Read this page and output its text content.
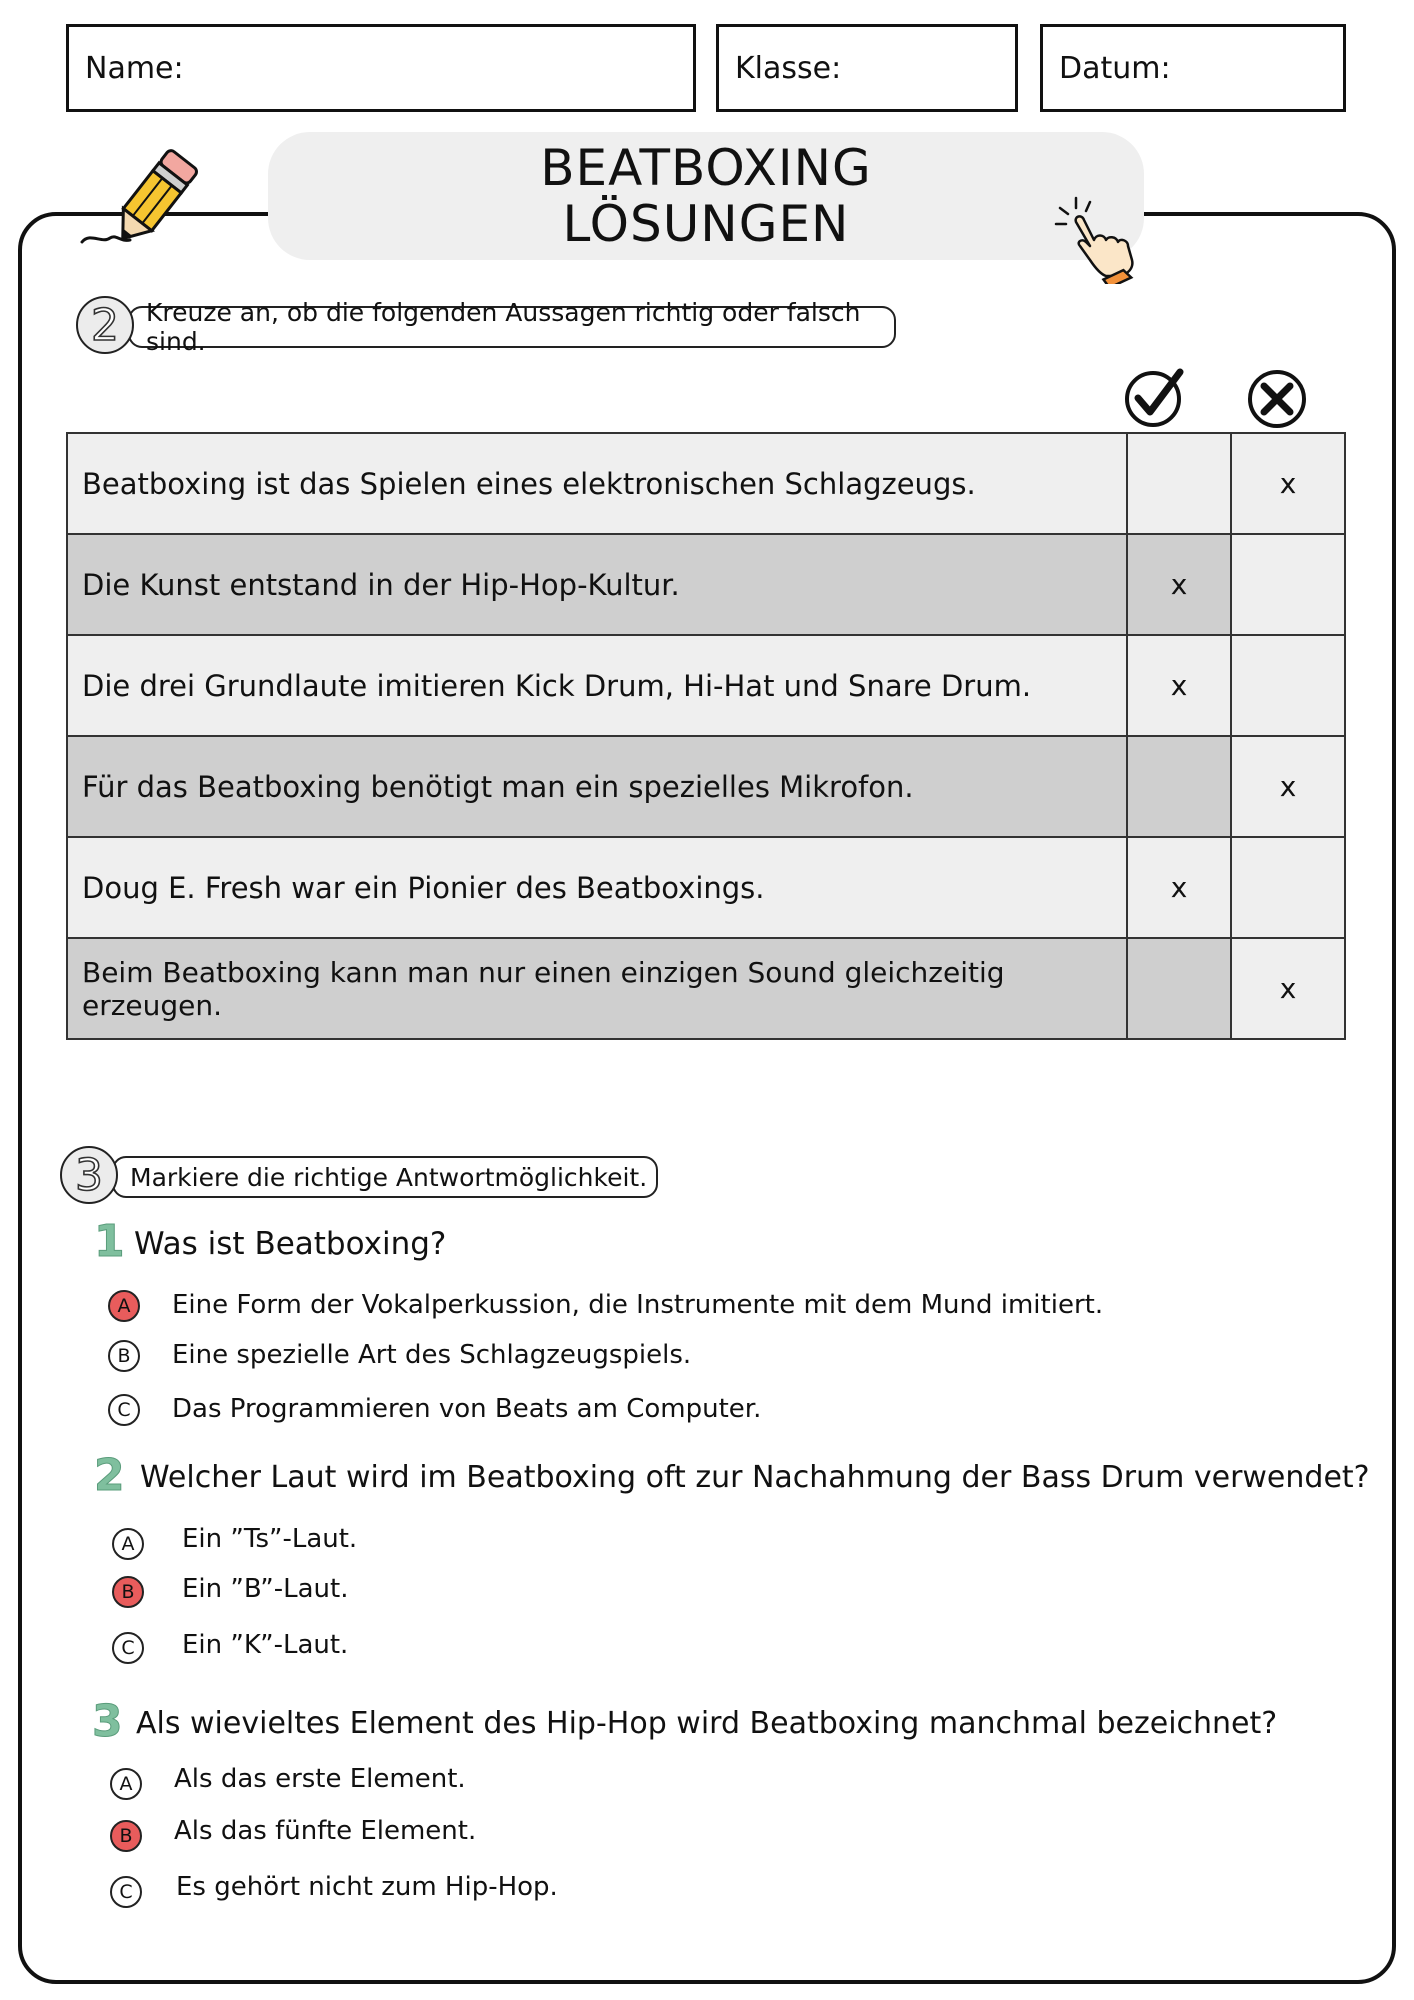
Name:	Klasse:	Datum:
BEATBOXING
LÖSUNGEN
2 Kreuze an, ob die folgenden Aussagen richtig oder falsch sind.
Beatboxing ist das Spielen eines elektronischen Schlagzeugs.		x
Die Kunst entstand in der Hip-Hop-Kultur.	x	
Die drei Grundlaute imitieren Kick Drum, Hi-Hat und Snare Drum.	x	
Für das Beatboxing benötigt man ein spezielles Mikrofon.		x
Doug E. Fresh war ein Pionier des Beatboxings.	x	
Beim Beatboxing kann man nur einen einzigen Sound gleichzeitig erzeugen.		x
3 Markiere die richtige Antwortmöglichkeit.
1 Was ist Beatboxing?
A	Eine Form der Vokalperkussion, die Instrumente mit dem Mund imitiert.
B	Eine spezielle Art des Schlagzeugspiels.
C	Das Programmieren von Beats am Computer.
2 Welcher Laut wird im Beatboxing oft zur Nachahmung der Bass Drum verwendet?
A	Ein ”Ts”-Laut.
B	Ein ”B”-Laut.
C	Ein ”K”-Laut.
3 Als wievieltes Element des Hip-Hop wird Beatboxing manchmal bezeichnet?
A	Als das erste Element.
B	Als das fünfte Element.
C	Es gehört nicht zum Hip-Hop.
